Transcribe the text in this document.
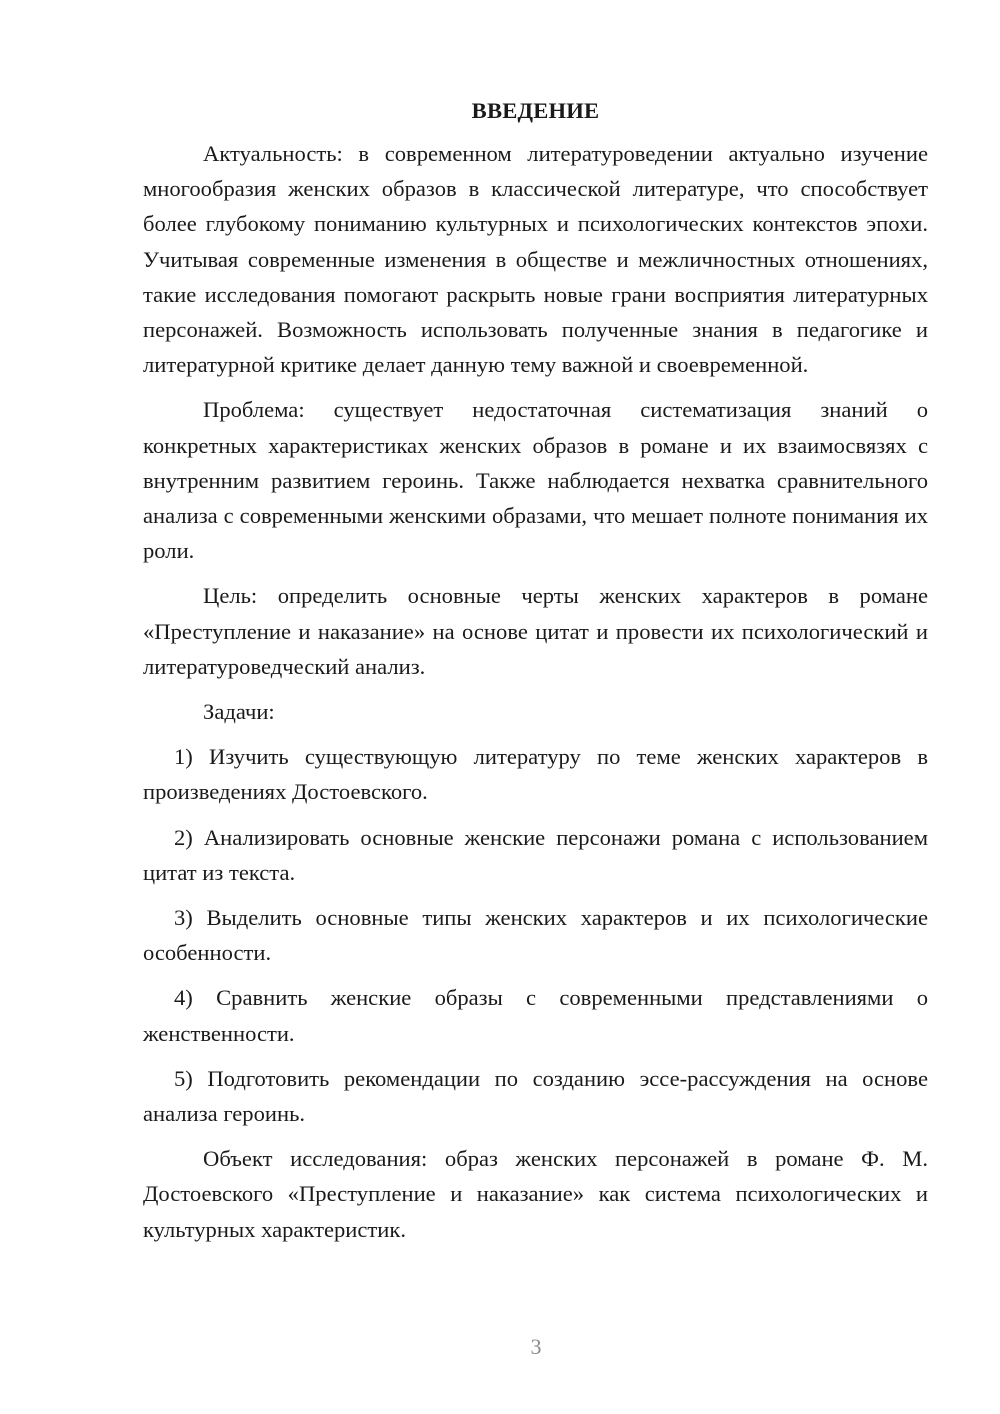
ВВЕДЕНИЕ

Актуальность: в современном литературоведении актуально изучение многообразия женских образов в классической литературе, что способствует более глубокому пониманию культурных и психологических контекстов эпохи. Учитывая современные изменения в обществе и межличностных отношениях, такие исследования помогают раскрыть новые грани восприятия литературных персонажей. Возможность использовать полученные знания в педагогике и литературной критике делает данную тему важной и своевременной.

Проблема: существует недостаточная систематизация знаний о конкретных характеристиках женских образов в романе и их взаимосвязях с внутренним развитием героинь. Также наблюдается нехватка сравнительного анализа с современными женскими образами, что мешает полноте понимания их роли.

Цель: определить основные черты женских характеров в романе «Преступление и наказание» на основе цитат и провести их психологический и литературоведческий анализ.

Задачи:

1) Изучить существующую литературу по теме женских характеров в произведениях Достоевского.

2) Анализировать основные женские персонажи романа с использованием цитат из текста.

3) Выделить основные типы женских характеров и их психологические особенности.

4) Сравнить женские образы с современными представлениями о женственности.

5) Подготовить рекомендации по созданию эссе-рассуждения на основе анализа героинь.

Объект исследования: образ женских персонажей в романе Ф. М. Достоевского «Преступление и наказание» как система психологических и культурных характеристик.

3
